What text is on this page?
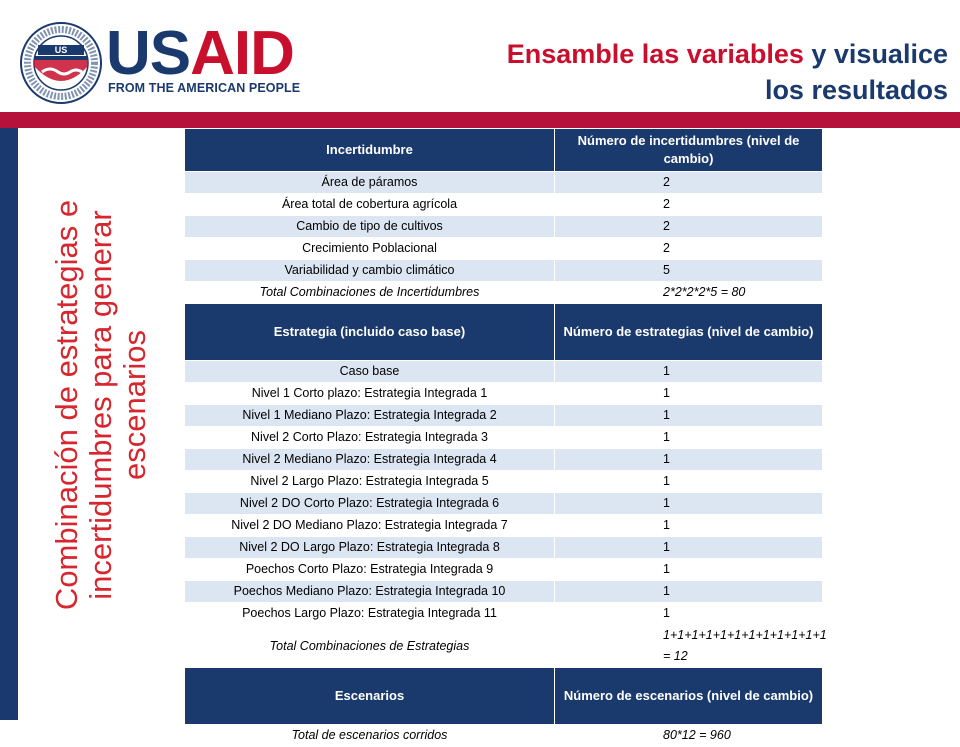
US USAID
FROM THE AMERICAN PEOPLE
Ensamble las variables y visualice
los resultados
Combinación de estrategias e incertidumbres para generar escenarios
Incertidumbre	Número de incertidumbres (nivel de cambio)
Área de páramos	2
Área total de cobertura agrícola	2
Cambio de tipo de cultivos	2
Crecimiento Poblacional	2
Variabilidad y cambio climático	5
Total Combinaciones de Incertidumbres	2*2*2*2*5 = 80
Estrategia (incluido caso base)	Número de estrategias (nivel de cambio)
Caso base	1
Nivel 1 Corto plazo: Estrategia Integrada 1	1
Nivel 1 Mediano Plazo: Estrategia Integrada 2	1
Nivel 2 Corto Plazo: Estrategia Integrada 3	1
Nivel 2 Mediano Plazo: Estrategia Integrada 4	1
Nivel 2 Largo Plazo: Estrategia Integrada 5	1
Nivel 2 DO Corto Plazo: Estrategia Integrada 6	1
Nivel 2 DO Mediano Plazo: Estrategia Integrada 7	1
Nivel 2 DO Largo Plazo: Estrategia Integrada 8	1
Poechos Corto Plazo: Estrategia Integrada 9	1
Poechos Mediano Plazo: Estrategia Integrada 10	1
Poechos Largo Plazo: Estrategia Integrada 11	1
Total Combinaciones de Estrategias	1+1+1+1+1+1+1+1+1+1+1+1 = 12
Escenarios	Número de escenarios (nivel de cambio)
Total de escenarios corridos	80*12 = 960
